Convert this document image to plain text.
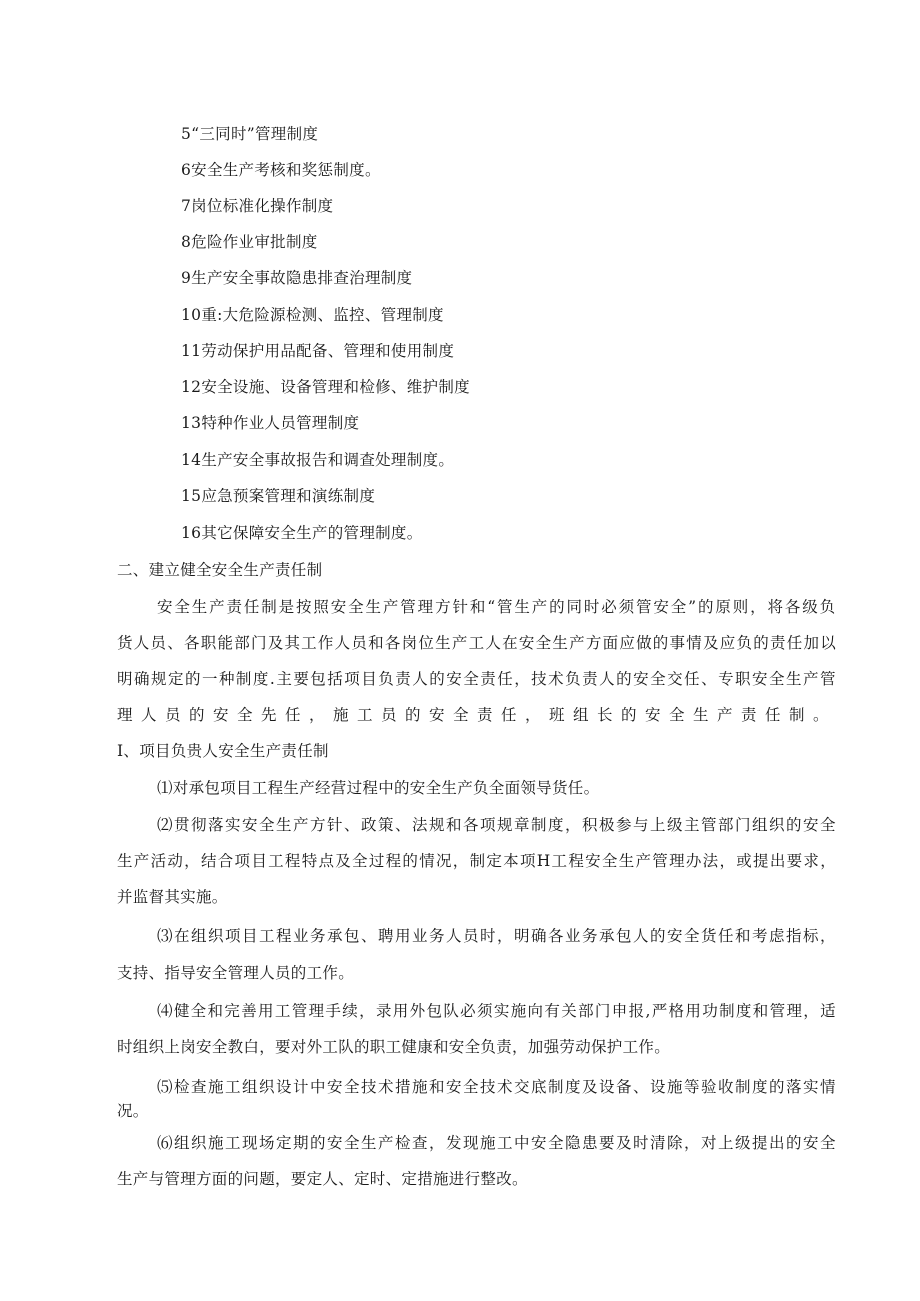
5“三同时”管理制度
6安全生产考核和奖惩制度。
7岗位标准化操作制度
8危险作业审批制度
9生产安全事故隐患排查治理制度
10重:大危险源检测、监控、管理制度
11劳动保护用品配备、管理和使用制度
12安全设施、设备管理和检修、维护制度
13特种作业人员管理制度
14生产安全事故报告和调查处理制度。
15应急预案管理和演练制度
16其它保障安全生产的管理制度。
二、建立健全安全生产责任制
安全生产责任制是按照安全生产管理方针和“管生产的同时必须管安全”的原则，将各级负
货人员、各职能部门及其工作人员和各岗位生产工人在安全生产方面应做的事情及应负的责任加以
明确规定的一种制度.主要包括项目负责人的安全责任，技术负责人的安全交任、专职安全生产管
理人员的安全先任，施工员的安全责任，班组长的安全生产责任制。
I、项目负贵人安全生产责任制
⑴对承包项目工程生产经营过程中的安全生产负全面领导货任。
⑵贯彻落实安全生产方针、政策、法规和各项规章制度，积极参与上级主管部门组织的安全
生产活动，结合项目工程特点及全过程的情况，制定本项H工程安全生产管理办法，或提出要求，
并监督其实施。
⑶在组织项目工程业务承包、聘用业务人员时，明确各业务承包人的安全货任和考虑指标，
支持、指导安全管理人员的工作。
⑷健全和完善用工管理手续，录用外包队必须实施向有关部门申报,严格用功制度和管理，适
时组织上岗安全教白，要对外工队的职工健康和安全负责，加强劳动保护工作。
⑸检查施工组织设计中安全技术措施和安全技术交底制度及设备、设施等验收制度的落实情
况。
⑹组织施工现场定期的安全生产检查，发现施工中安全隐患要及时清除，对上级提出的安全
生产与管理方面的问题，要定人、定时、定措施进行整改。
